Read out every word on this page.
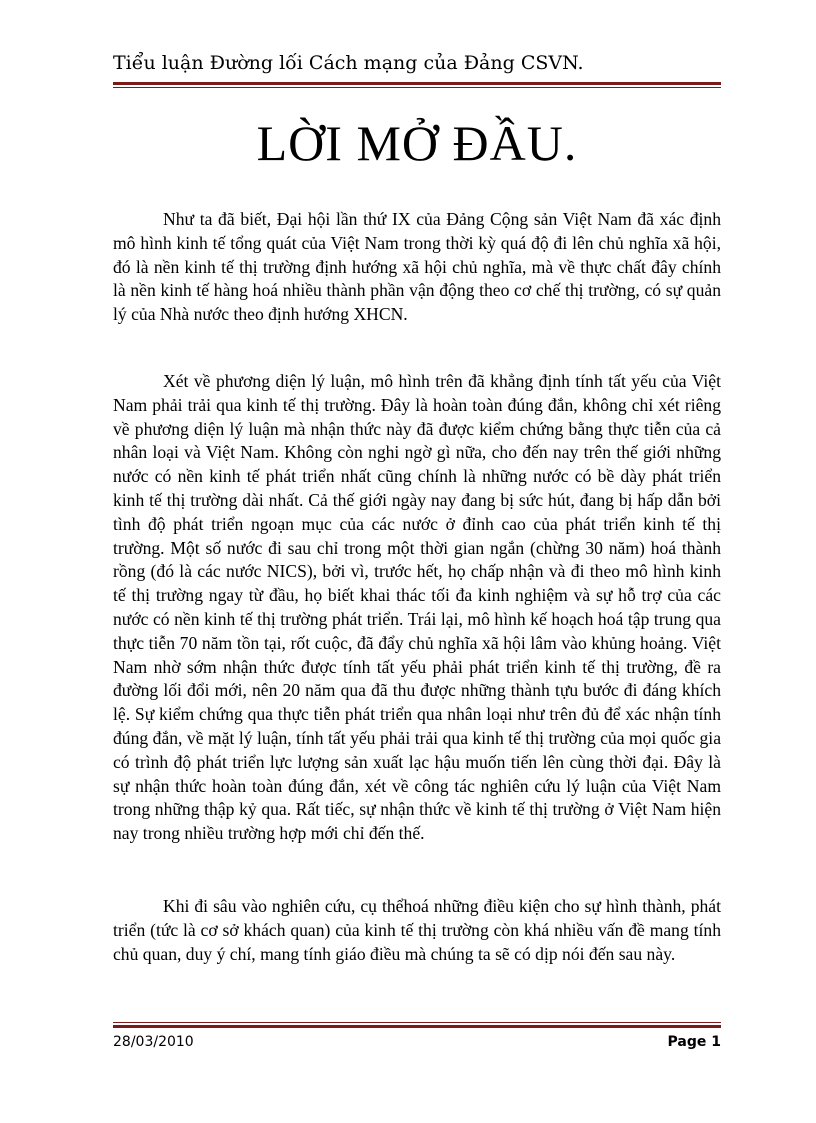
Tiểu luận Đường lối Cách mạng của Đảng CSVN.

LỜI MỞ ĐẦU.

Như ta đã biết, Đại hội lần thứ IX của Đảng Cộng sản Việt Nam đã xác định mô hình kinh tế tổng quát của Việt Nam trong thời kỳ quá độ đi lên chủ nghĩa xã hội, đó là nền kinh tế thị trường định hướng xã hội chủ nghĩa, mà về thực chất đây chính là nền kinh tế hàng hoá nhiều thành phần vận động theo cơ chế thị trường, có sự quản lý của Nhà nước theo định hướng XHCN.

Xét về phương diện lý luận, mô hình trên đã khẳng định tính tất yếu của Việt Nam phải trải qua kinh tế thị trường. Đây là hoàn toàn đúng đắn, không chỉ xét riêng về phương diện lý luận mà nhận thức này đã được kiểm chứng bằng thực tiễn của cả nhân loại và Việt Nam. Không còn nghi ngờ gì nữa, cho đến nay trên thế giới những nước có nền kinh tế phát triển nhất cũng chính là những nước có bề dày phát triển kinh tế thị trường dài nhất. Cả thế giới ngày nay đang bị sức hút, đang bị hấp dẫn bởi tình độ phát triển ngoạn mục của các nước ở đỉnh cao của phát triển kinh tế thị trường. Một số nước đi sau chỉ trong một thời gian ngắn (chừng 30 năm) hoá thành rồng (đó là các nước NICS), bởi vì, trước hết, họ chấp nhận và đi theo mô hình kinh tế thị trường ngay từ đầu, họ biết khai thác tối đa kinh nghiệm và sự hỗ trợ của các nước có nền kinh tế thị trường phát triển. Trái lại, mô hình kế hoạch hoá tập trung qua thực tiễn 70 năm tồn tại, rốt cuộc, đã đẩy chủ nghĩa xã hội lâm vào khủng hoảng. Việt Nam nhờ sớm nhận thức được tính tất yếu phải phát triển kinh tế thị trường, đề ra đường lối đổi mới, nên 20 năm qua đã thu được những thành tựu bước đi đáng khích lệ. Sự kiểm chứng qua thực tiễn phát triển qua nhân loại như trên đủ để xác nhận tính đúng đắn, về mặt lý luận, tính tất yếu phải trải qua kinh tế thị trường của mọi quốc gia có trình độ phát triển lực lượng sản xuất lạc hậu muốn tiến lên cùng thời đại. Đây là sự nhận thức hoàn toàn đúng đắn, xét về công tác nghiên cứu lý luận của Việt Nam trong những thập kỷ qua. Rất tiếc, sự nhận thức về kinh tế thị trường ở Việt Nam hiện nay trong nhiều trường hợp mới chỉ đến thế.

Khi đi sâu vào nghiên cứu, cụ thểhoá những điều kiện cho sự hình thành, phát triển (tức là cơ sở khách quan) của kinh tế thị trường còn khá nhiều vấn đề mang tính chủ quan, duy ý chí, mang tính giáo điều mà chúng ta sẽ có dịp nói đến sau này.

28/03/2010	Page 1
